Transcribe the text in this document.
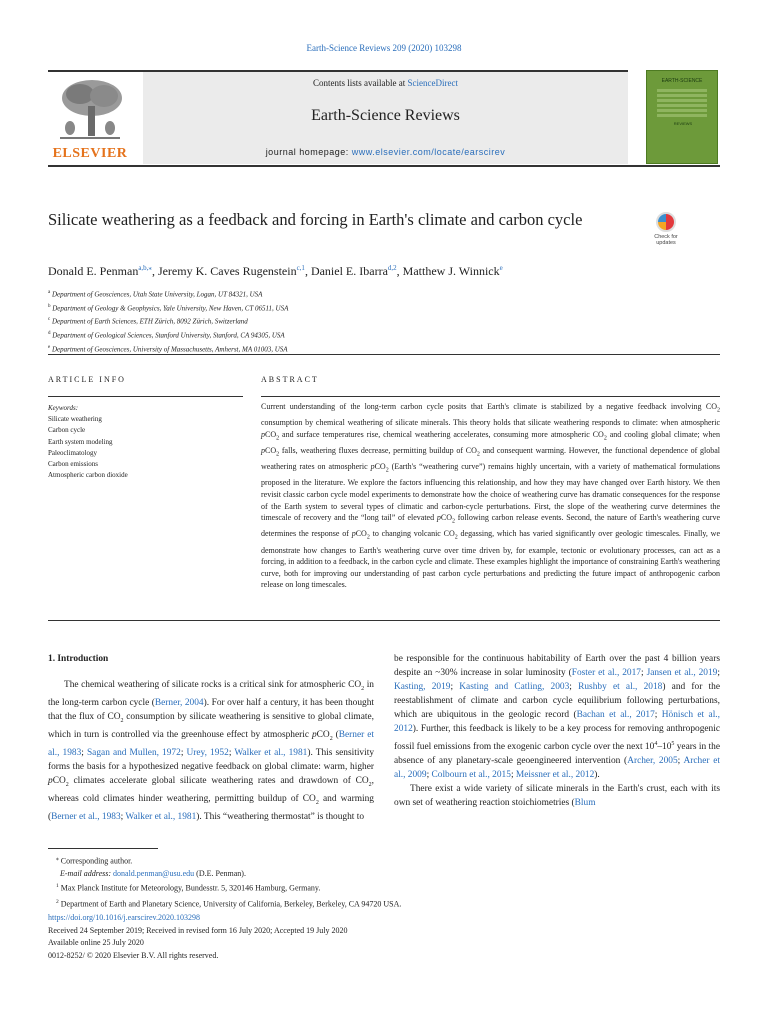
Earth-Science Reviews 209 (2020) 103298
ELSEVIER
Contents lists available at ScienceDirect
Earth-Science Reviews
journal homepage: www.elsevier.com/locate/earscirev
EARTH-SCIENCE
REVIEWS
Silicate weathering as a feedback and forcing in Earth's climate and carbon cycle
Check for
updates
Donald E. Penman$^{a,b,⁎}$, Jeremy K. Caves Rugenstein$^{c,1}$, Daniel E. Ibarra$^{d,2}$, Matthew J. Winnick$^e$
$^a$ Department of Geosciences, Utah State University, Logan, UT 84321, USA
$^b$ Department of Geology & Geophysics, Yale University, New Haven, CT 06511, USA
$^c$ Department of Earth Sciences, ETH Zürich, 8092 Zürich, Switzerland
$^d$ Department of Geological Sciences, Stanford University, Stanford, CA 94305, USA
$^e$ Department of Geosciences, University of Massachusetts, Amherst, MA 01003, USA
ARTICLE INFO	ABSTRACT
Keywords:
Silicate weathering
Carbon cycle
Earth system modeling
Paleoclimatology
Carbon emissions
Atmospheric carbon dioxide
Current understanding of the long-term carbon cycle posits that Earth's climate is stabilized by a negative feedback involving $CO_2$ consumption by chemical weathering of silicate minerals. This theory holds that silicate weathering responds to climate: when atmospheric pCO$_2$ and surface temperatures rise, chemical weathering accelerates, consuming more atmospheric $CO_2$ and cooling global climate; when pCO$_2$ falls, weathering fluxes decrease, permitting buildup of $CO_2$ and consequent warming. However, the functional dependence of global weathering rates on atmospheric pCO$_2$ (Earth's “weathering curve”) remains highly uncertain, with a variety of mathematical formulations proposed in the literature. We explore the factors influencing this relationship, and how they may have changed over Earth history. We then revisit classic carbon cycle model experiments to demonstrate how the choice of weathering curve has dramatic consequences for the response of the Earth system to several types of climatic and carbon-cycle perturbations. First, the slope of the weathering curve determines the timescale of recovery and the “long tail” of elevated pCO$_2$ following carbon release events. Second, the nature of Earth's weathering curve determines the response of pCO$_2$ to changing volcanic $CO_2$ degassing, which has varied significantly over geologic timescales. Finally, we demonstrate how changes to Earth's weathering curve over time driven by, for example, tectonic or evolutionary processes, can act as a forcing, in addition to a feedback, in the carbon cycle and climate. These examples highlight the importance of constraining Earth's weathering curve, both for improving our understanding of past carbon cycle perturbations and predicting the future impact of anthropogenic carbon release on long timescales.
1. Introduction
The chemical weathering of silicate rocks is a critical sink for atmospheric $CO_2$ in the long-term carbon cycle (Berner, 2004). For over half a century, it has been thought that the flux of $CO_2$ consumption by silicate weathering is sensitive to global climate, which in turn is controlled via the greenhouse effect by atmospheric pCO$_2$ (Berner et al., 1983; Sagan and Mullen, 1972; Urey, 1952; Walker et al., 1981). This sensitivity forms the basis for a hypothesized negative feedback on global climate: warm, higher pCO$_2$ climates accelerate global silicate weathering rates and drawdown of $CO_2$, whereas cold climates hinder weathering, permitting buildup of $CO_2$ and warming (Berner et al., 1983; Walker et al., 1981). This “weathering thermostat” is thought to
be responsible for the continuous habitability of Earth over the past 4 billion years despite an ~30% increase in solar luminosity (Foster et al., 2017; Jansen et al., 2019; Kasting, 2019; Kasting and Catling, 2003; Rushby et al., 2018) and for the reestablishment of climate and carbon cycle equilibrium following perturbations, which are ubiquitous in the geologic record (Bachan et al., 2017; Hönisch et al., 2012). Further, this feedback is likely to be a key process for removing anthropogenic fossil fuel emissions from the exogenic carbon cycle over the next $10^4-10^5$ years in the absence of any planetary-scale geoengineered intervention (Archer, 2005; Archer et al., 2009; Colbourn et al., 2015; Meissner et al., 2012).
There exist a wide variety of silicate minerals in the Earth's crust, each with its own set of weathering reaction stoichiometries (Blum
⁎ Corresponding author.
E-mail address: donald.penman@usu.edu (D.E. Penman).
$^1$ Max Planck Institute for Meteorology, Bundesstr. 5, 320146 Hamburg, Germany.
$^2$ Department of Earth and Planetary Science, University of California, Berkeley, Berkeley, CA 94720 USA.
https://doi.org/10.1016/j.earscirev.2020.103298
Received 24 September 2019; Received in revised form 16 July 2020; Accepted 19 July 2020
Available online 25 July 2020
0012-8252/ © 2020 Elsevier B.V. All rights reserved.
